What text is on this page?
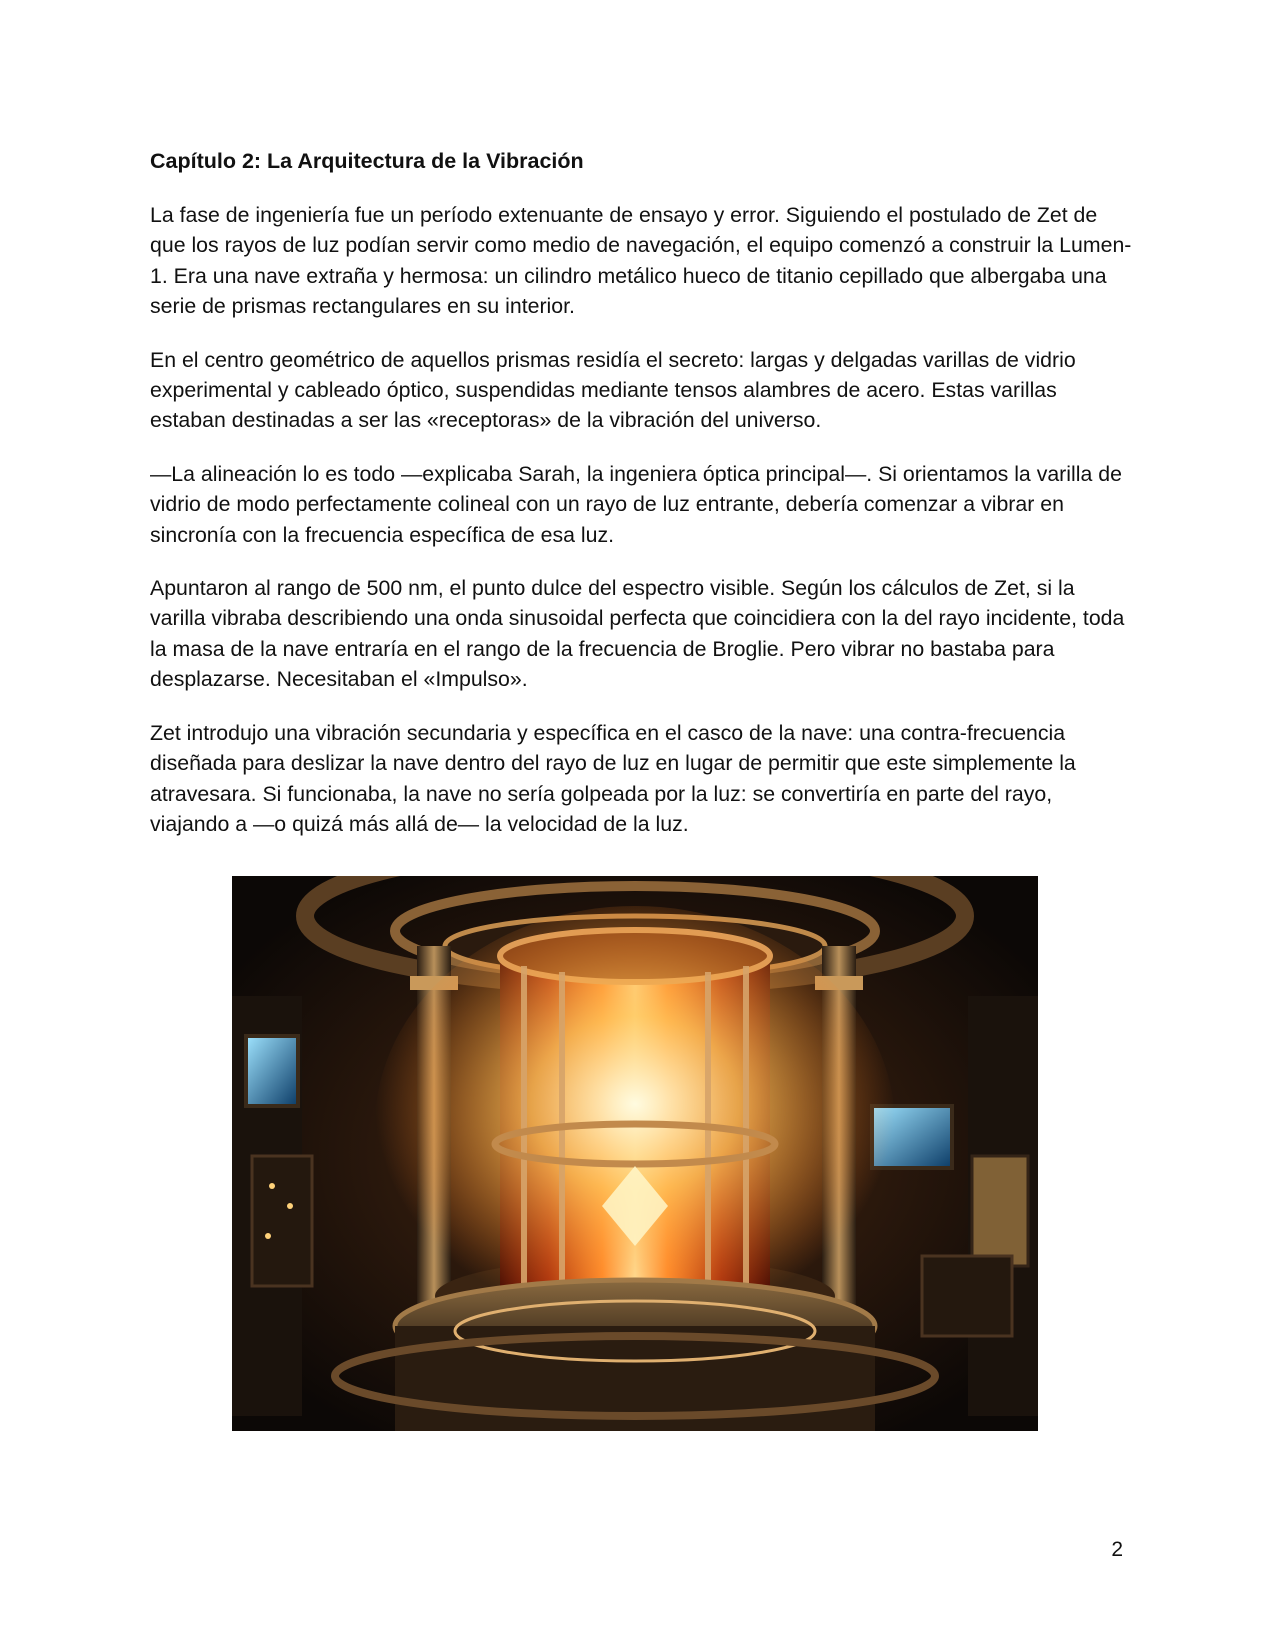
Capítulo 2: La Arquitectura de la Vibración

La fase de ingeniería fue un período extenuante de ensayo y error. Siguiendo el postulado de Zet de que los rayos de luz podían servir como medio de navegación, el equipo comenzó a construir la Lumen-1. Era una nave extraña y hermosa: un cilindro metálico hueco de titanio cepillado que albergaba una serie de prismas rectangulares en su interior.

En el centro geométrico de aquellos prismas residía el secreto: largas y delgadas varillas de vidrio experimental y cableado óptico, suspendidas mediante tensos alambres de acero. Estas varillas estaban destinadas a ser las «receptoras» de la vibración del universo.

—La alineación lo es todo —explicaba Sarah, la ingeniera óptica principal—. Si orientamos la varilla de vidrio de modo perfectamente colineal con un rayo de luz entrante, debería comenzar a vibrar en sincronía con la frecuencia específica de esa luz.

Apuntaron al rango de 500 nm, el punto dulce del espectro visible. Según los cálculos de Zet, si la varilla vibraba describiendo una onda sinusoidal perfecta que coincidiera con la del rayo incidente, toda la masa de la nave entraría en el rango de la frecuencia de Broglie. Pero vibrar no bastaba para desplazarse. Necesitaban el «Impulso».

Zet introdujo una vibración secundaria y específica en el casco de la nave: una contra-frecuencia diseñada para deslizar la nave dentro del rayo de luz en lugar de permitir que este simplemente la atravesara. Si funcionaba, la nave no sería golpeada por la luz: se convertiría en parte del rayo, viajando a —o quizá más allá de— la velocidad de la luz.

2
